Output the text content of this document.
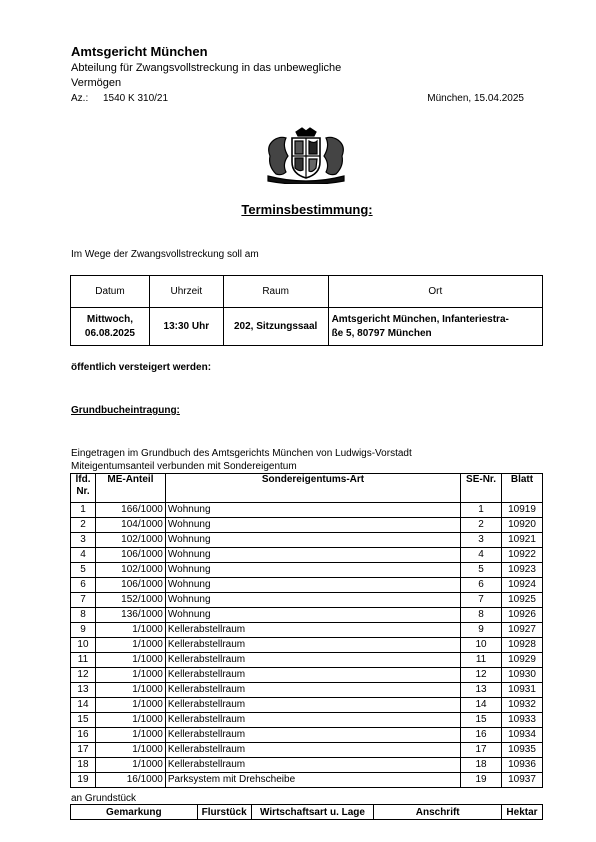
Amtsgericht München
Abteilung für Zwangsvollstreckung in das unbewegliche Vermögen
Az.: 1540 K 310/21	München, 15.04.2025
Terminsbestimmung:
Im Wege der Zwangsvollstreckung soll am
Datum	Uhrzeit	Raum	Ort
Mittwoch,
06.08.2025	13:30 Uhr	202, Sitzungssaal	Amtsgericht München, Infanteriestra-
ße 5, 80797 München
öffentlich versteigert werden:
Grundbucheintragung:
Eingetragen im Grundbuch des Amtsgerichts München von Ludwigs-Vorstadt
Miteigentumsanteil verbunden mit Sondereigentum
lfd.
Nr.	ME-Anteil	Sondereigentums-Art	SE-Nr.	Blatt
1	166/1000	Wohnung	1	10919
2	104/1000	Wohnung	2	10920
3	102/1000	Wohnung	3	10921
4	106/1000	Wohnung	4	10922
5	102/1000	Wohnung	5	10923
6	106/1000	Wohnung	6	10924
7	152/1000	Wohnung	7	10925
8	136/1000	Wohnung	8	10926
9	1/1000	Kellerabstellraum	9	10927
10	1/1000	Kellerabstellraum	10	10928
11	1/1000	Kellerabstellraum	11	10929
12	1/1000	Kellerabstellraum	12	10930
13	1/1000	Kellerabstellraum	13	10931
14	1/1000	Kellerabstellraum	14	10932
15	1/1000	Kellerabstellraum	15	10933
16	1/1000	Kellerabstellraum	16	10934
17	1/1000	Kellerabstellraum	17	10935
18	1/1000	Kellerabstellraum	18	10936
19	16/1000	Parksystem mit Drehscheibe	19	10937
an Grundstück
Gemarkung	Flurstück	Wirtschaftsart u. Lage	Anschrift	Hektar
